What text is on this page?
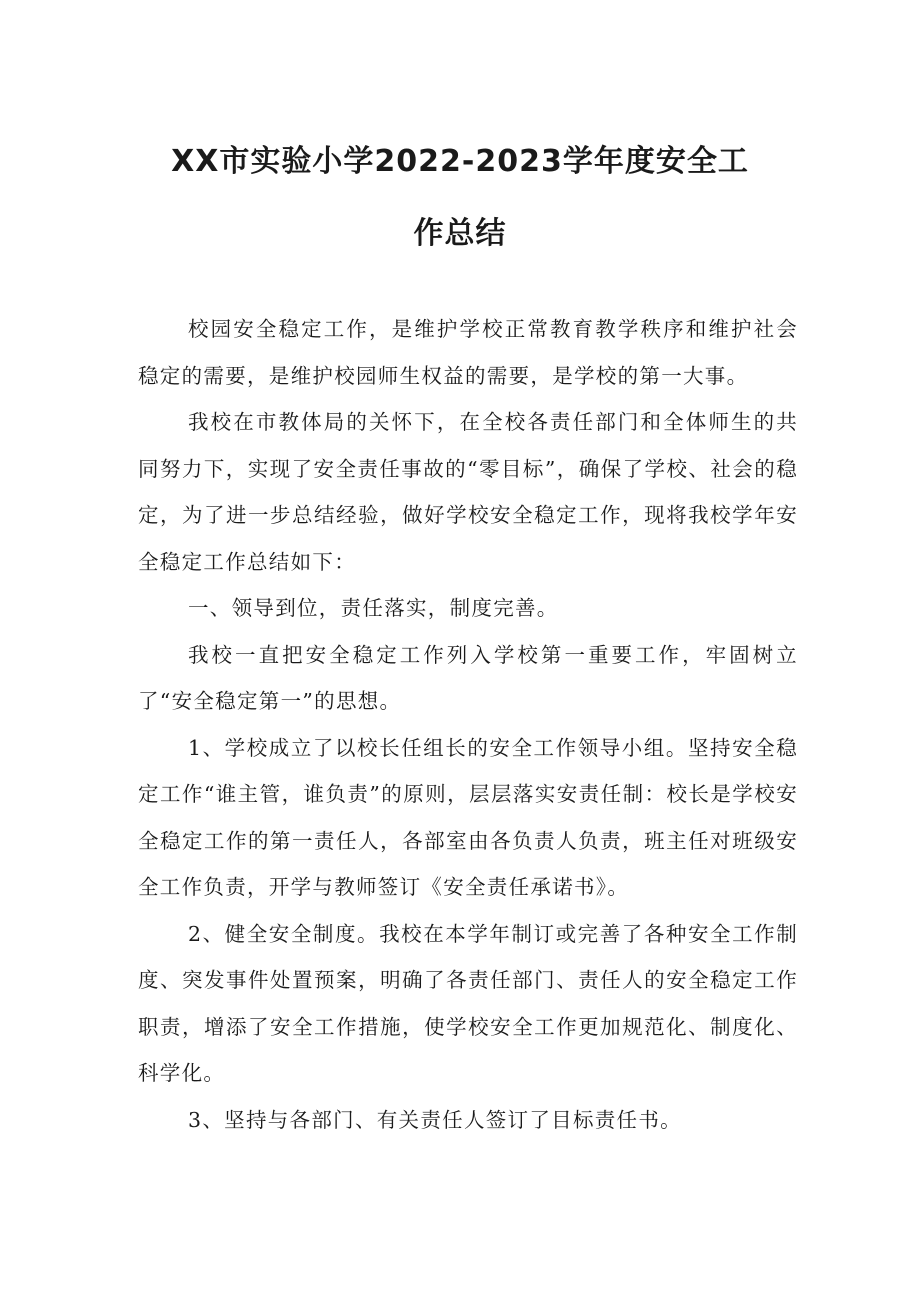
XX市实验小学2022-2023学年度安全工
作总结

校园安全稳定工作，是维护学校正常教育教学秩序和维护社会稳定的需要，是维护校园师生权益的需要，是学校的第一大事。

我校在市教体局的关怀下，在全校各责任部门和全体师生的共同努力下，实现了安全责任事故的“零目标”，确保了学校、社会的稳定，为了进一步总结经验，做好学校安全稳定工作，现将我校学年安全稳定工作总结如下：

一、领导到位，责任落实，制度完善。

我校一直把安全稳定工作列入学校第一重要工作，牢固树立了“安全稳定第一”的思想。

1、学校成立了以校长任组长的安全工作领导小组。坚持安全稳定工作“谁主管，谁负责”的原则，层层落实安责任制：校长是学校安全稳定工作的第一责任人，各部室由各负责人负责，班主任对班级安全工作负责，开学与教师签订《安全责任承诺书》。

2、健全安全制度。我校在本学年制订或完善了各种安全工作制度、突发事件处置预案，明确了各责任部门、责任人的安全稳定工作职责，增添了安全工作措施，使学校安全工作更加规范化、制度化、科学化。

3、坚持与各部门、有关责任人签订了目标责任书。
